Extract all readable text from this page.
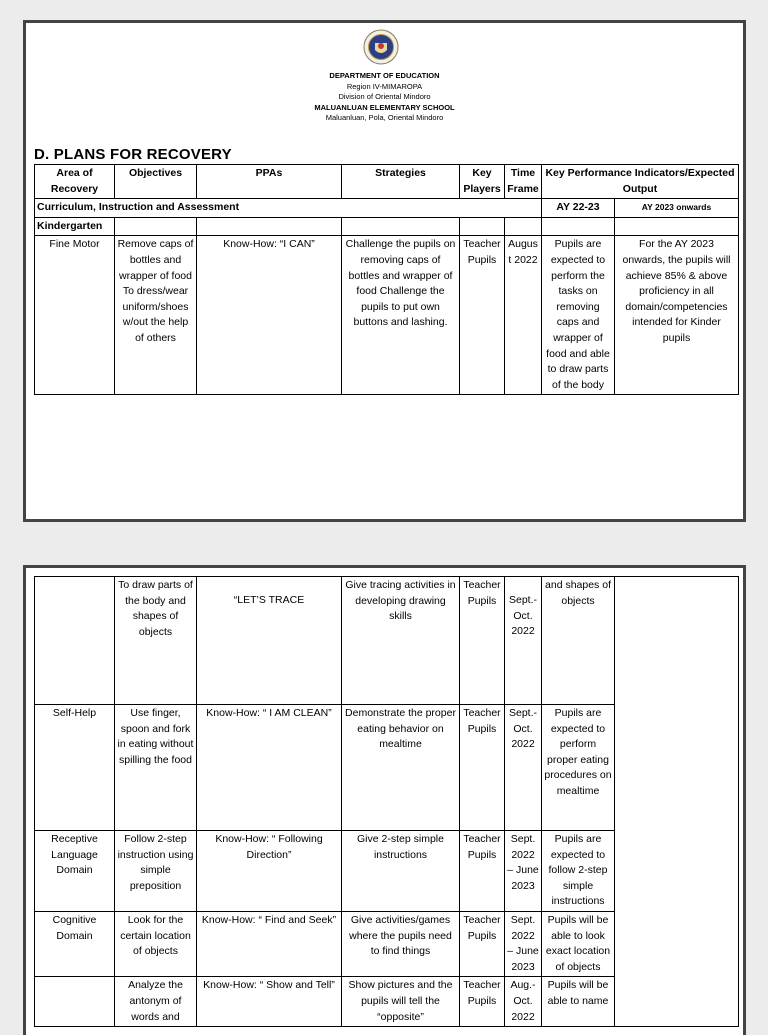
DEPARTMENT OF EDUCATION
Region IV-MIMAROPA
Division of Oriental Mindoro
MALUANLUAN ELEMENTARY SCHOOL
Maluanluan, Pola, Oriental Mindoro
D. PLANS FOR RECOVERY
Area of Recovery	Objectives	PPAs	Strategies	Key Players	Time Frame	Key Performance Indicators/Expected Output	
Curriculum, Instruction and Assessment						AY 22-23	AY 2023 onwards
Kindergarten							
Fine Motor	Remove caps of bottles and wrapper of food To dress/wear uniform/shoes w/out the help of others	Know-How: “I CAN”	Challenge the pupils on removing caps of bottles and wrapper of food Challenge the pupils to put own buttons and lashing.	Teacher Pupils	August 2022	Pupils are expected to perform the tasks on removing caps and wrapper of food and able to draw parts of the body	For the AY 2023 onwards, the pupils will achieve 85% & above proficiency in all domain/competencies intended for Kinder pupils
	To draw parts of the body and shapes of objects	“LET’S TRACE	Give tracing activities in developing drawing skills	Teacher Pupils	Sept.- Oct. 2022	and shapes of objects	
Self-Help	Use finger, spoon and fork in eating without spilling the food	Know-How: “ I AM CLEAN”	Demonstrate the proper eating behavior on mealtime	Teacher Pupils	Sept.- Oct. 2022	Pupils are expected to perform proper eating procedures on mealtime	
Receptive Language Domain	Follow 2-step instruction using simple preposition	Know-How: “ Following Direction”	Give 2-step simple instructions	Teacher Pupils	Sept. 2022 – June 2023	Pupils are expected to follow 2-step simple instructions	
Cognitive Domain	Look for the certain location of objects	Know-How: “ Find and Seek”	Give activities/games where the pupils need to find things	Teacher Pupils	Sept. 2022 – June 2023	Pupils will be able to look exact location of objects	
	Analyze the antonym of words and	Know-How: “ Show and Tell”	Show pictures and the pupils will tell the “opposite”	Teacher Pupils	Aug.- Oct. 2022	Pupils will be able to name	
